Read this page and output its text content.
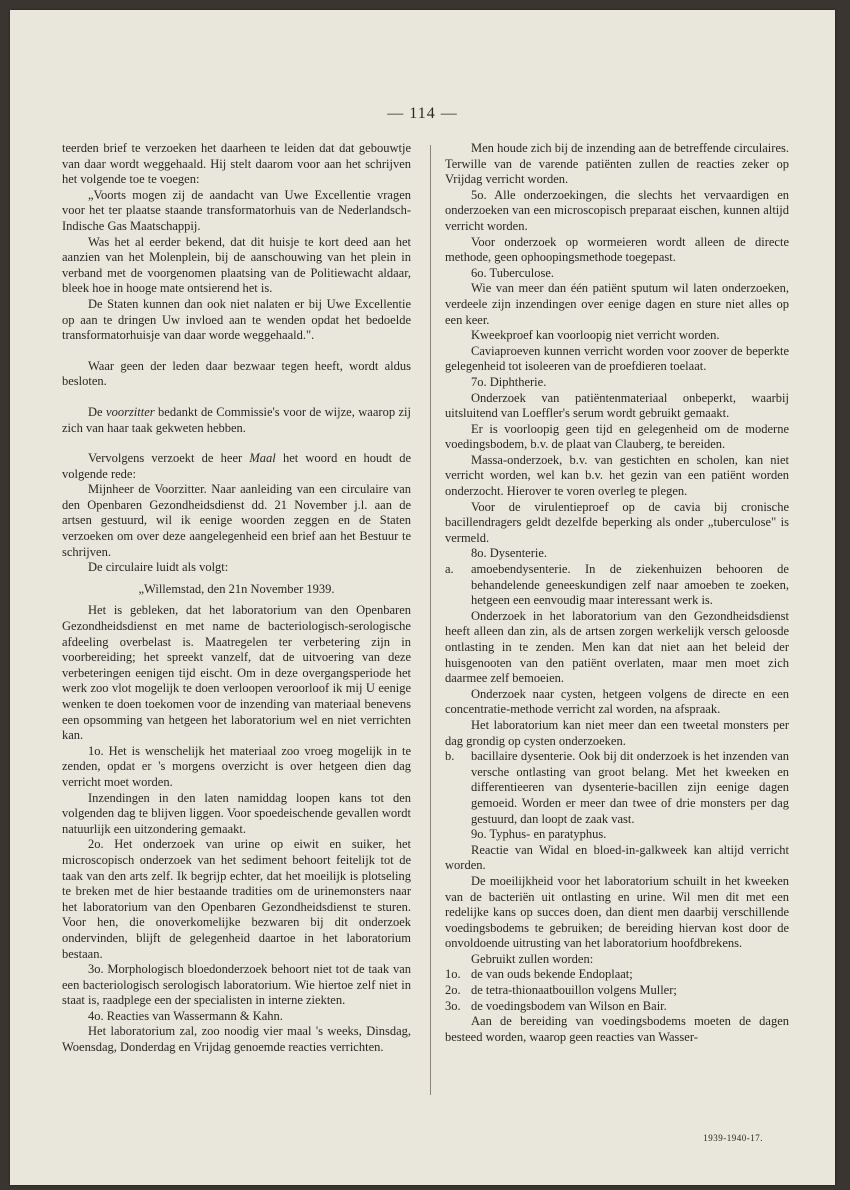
— 114 —

teerden brief te verzoeken het daarheen te leiden dat dat gebouwtje van daar wordt weggehaald. Hij stelt daarom voor aan het schrijven het volgende toe te voegen:

„Voorts mogen zij de aandacht van Uwe Excellentie vragen voor het ter plaatse staande transformatorhuis van de Nederlandsch-Indische Gas Maatschappij.

Was het al eerder bekend, dat dit huisje te kort deed aan het aanzien van het Molenplein, bij de aanschouwing van het plein in verband met de voorgenomen plaatsing van de Politiewacht aldaar, bleek hoe in hooge mate ontsierend het is.

De Staten kunnen dan ook niet nalaten er bij Uwe Excellentie op aan te dringen Uw invloed aan te wenden opdat het bedoelde transformatorhuisje van daar worde weggehaald.".

Waar geen der leden daar bezwaar tegen heeft, wordt aldus besloten.

De voorzitter bedankt de Commissie's voor de wijze, waarop zij zich van haar taak gekweten hebben.

Vervolgens verzoekt de heer Maal het woord en houdt de volgende rede:

Mijnheer de Voorzitter. Naar aanleiding van een circulaire van den Openbaren Gezondheidsdienst dd. 21 November j.l. aan de artsen gestuurd, wil ik eenige woorden zeggen en de Staten verzoeken om over deze aangelegenheid een brief aan het Bestuur te schrijven.

De circulaire luidt als volgt:

„Willemstad, den 21n November 1939.

Het is gebleken, dat het laboratorium van den Openbaren Gezondheidsdienst en met name de bacteriologisch-serologische afdeeling overbelast is. Maatregelen ter verbetering zijn in voorbereiding; het spreekt vanzelf, dat de uitvoering van deze verbeteringen eenigen tijd eischt. Om in deze overgangsperiode het werk zoo vlot mogelijk te doen verloopen veroorloof ik mij U eenige wenken te doen toekomen voor de inzending van materiaal benevens een opsomming van hetgeen het laboratorium wel en niet verrichten kan.

1o. Het is wenschelijk het materiaal zoo vroeg mogelijk in te zenden, opdat er 's morgens overzicht is over hetgeen dien dag verricht moet worden.

Inzendingen in den laten namiddag loopen kans tot den volgenden dag te blijven liggen. Voor spoedeischende gevallen wordt natuurlijk een uitzondering gemaakt.

2o. Het onderzoek van urine op eiwit en suiker, het microscopisch onderzoek van het sediment behoort feitelijk tot de taak van den arts zelf. Ik begrijp echter, dat het moeilijk is plotseling te breken met de hier bestaande tradities om de urinemonsters naar het laboratorium van den Openbaren Gezondheidsdienst te sturen. Voor hen, die onoverkomelijke bezwaren bij dit onderzoek ondervinden, blijft de gelegenheid daartoe in het laboratorium bestaan.

3o. Morphologisch bloedonderzoek behoort niet tot de taak van een bacteriologisch serologisch laboratorium. Wie hiertoe zelf niet in staat is, raadplege een der specialisten in interne ziekten.

4o. Reacties van Wassermann & Kahn.

Het laboratorium zal, zoo noodig vier maal 's weeks, Dinsdag, Woensdag, Donderdag en Vrijdag genoemde reacties verrichten.

Men houde zich bij de inzending aan de betreffende circulaires. Terwille van de varende patiënten zullen de reacties zeker op Vrijdag verricht worden.

5o. Alle onderzoekingen, die slechts het vervaardigen en onderzoeken van een microscopisch preparaat eischen, kunnen altijd verricht worden.

Voor onderzoek op wormeieren wordt alleen de directe methode, geen ophoopingsmethode toegepast.

6o. Tuberculose.

Wie van meer dan één patiënt sputum wil laten onderzoeken, verdeele zijn inzendingen over eenige dagen en sture niet alles op een keer.

Kweekproef kan voorloopig niet verricht worden.

Caviaproeven kunnen verricht worden voor zoover de beperkte gelegenheid tot isoleeren van de proefdieren toelaat.

7o. Diphtherie.

Onderzoek van patiëntenmateriaal onbeperkt, waarbij uitsluitend van Loeffler's serum wordt gebruikt gemaakt.

Er is voorloopig geen tijd en gelegenheid om de moderne voedingsbodem, b.v. de plaat van Clauberg, te bereiden.

Massa-onderzoek, b.v. van gestichten en scholen, kan niet verricht worden, wel kan b.v. het gezin van een patiënt worden onderzocht. Hierover te voren overleg te plegen.

Voor de virulentieproef op de cavia bij cronische bacillendragers geldt dezelfde beperking als onder „tuberculose" is vermeld.

8o. Dysenterie.

a.	amoebendysenterie. In de ziekenhuizen behooren de behandelende geneeskundigen zelf naar amoeben te zoeken, hetgeen een eenvoudig maar interessant werk is.

Onderzoek in het laboratorium van den Gezondheidsdienst heeft alleen dan zin, als de artsen zorgen werkelijk versch geloosde ontlasting in te zenden. Men kan dat niet aan het beleid der huisgenooten van den patiënt overlaten, maar men moet zich daarmee zelf bemoeien.

Onderzoek naar cysten, hetgeen volgens de directe en een concentratie-methode verricht zal worden, na afspraak.

Het laboratorium kan niet meer dan een tweetal monsters per dag grondig op cysten onderzoeken.

b.	bacillaire dysenterie. Ook bij dit onderzoek is het inzenden van versche ontlasting van groot belang. Met het kweeken en differentieeren van dysenterie-bacillen zijn eenige dagen gemoeid. Worden er meer dan twee of drie monsters per dag gestuurd, dan loopt de zaak vast.

9o. Typhus- en paratyphus.

Reactie van Widal en bloed-in-galkweek kan altijd verricht worden.

De moeilijkheid voor het laboratorium schuilt in het kweeken van de bacteriën uit ontlasting en urine. Wil men dit met een redelijke kans op succes doen, dan dient men daarbij verschillende voedingsbodems te gebruiken; de bereiding hiervan kost door de onvoldoende uitrusting van het laboratorium hoofdbrekens.

Gebruikt zullen worden:

1o. de van ouds bekende Endoplaat;
2o. de tetra-thionaatbouillon volgens Muller;
3o. de voedingsbodem van Wilson en Bair.

Aan de bereiding van voedingsbodems moeten de dagen besteed worden, waarop geen reacties van Wasser-

1939-1940-17.
